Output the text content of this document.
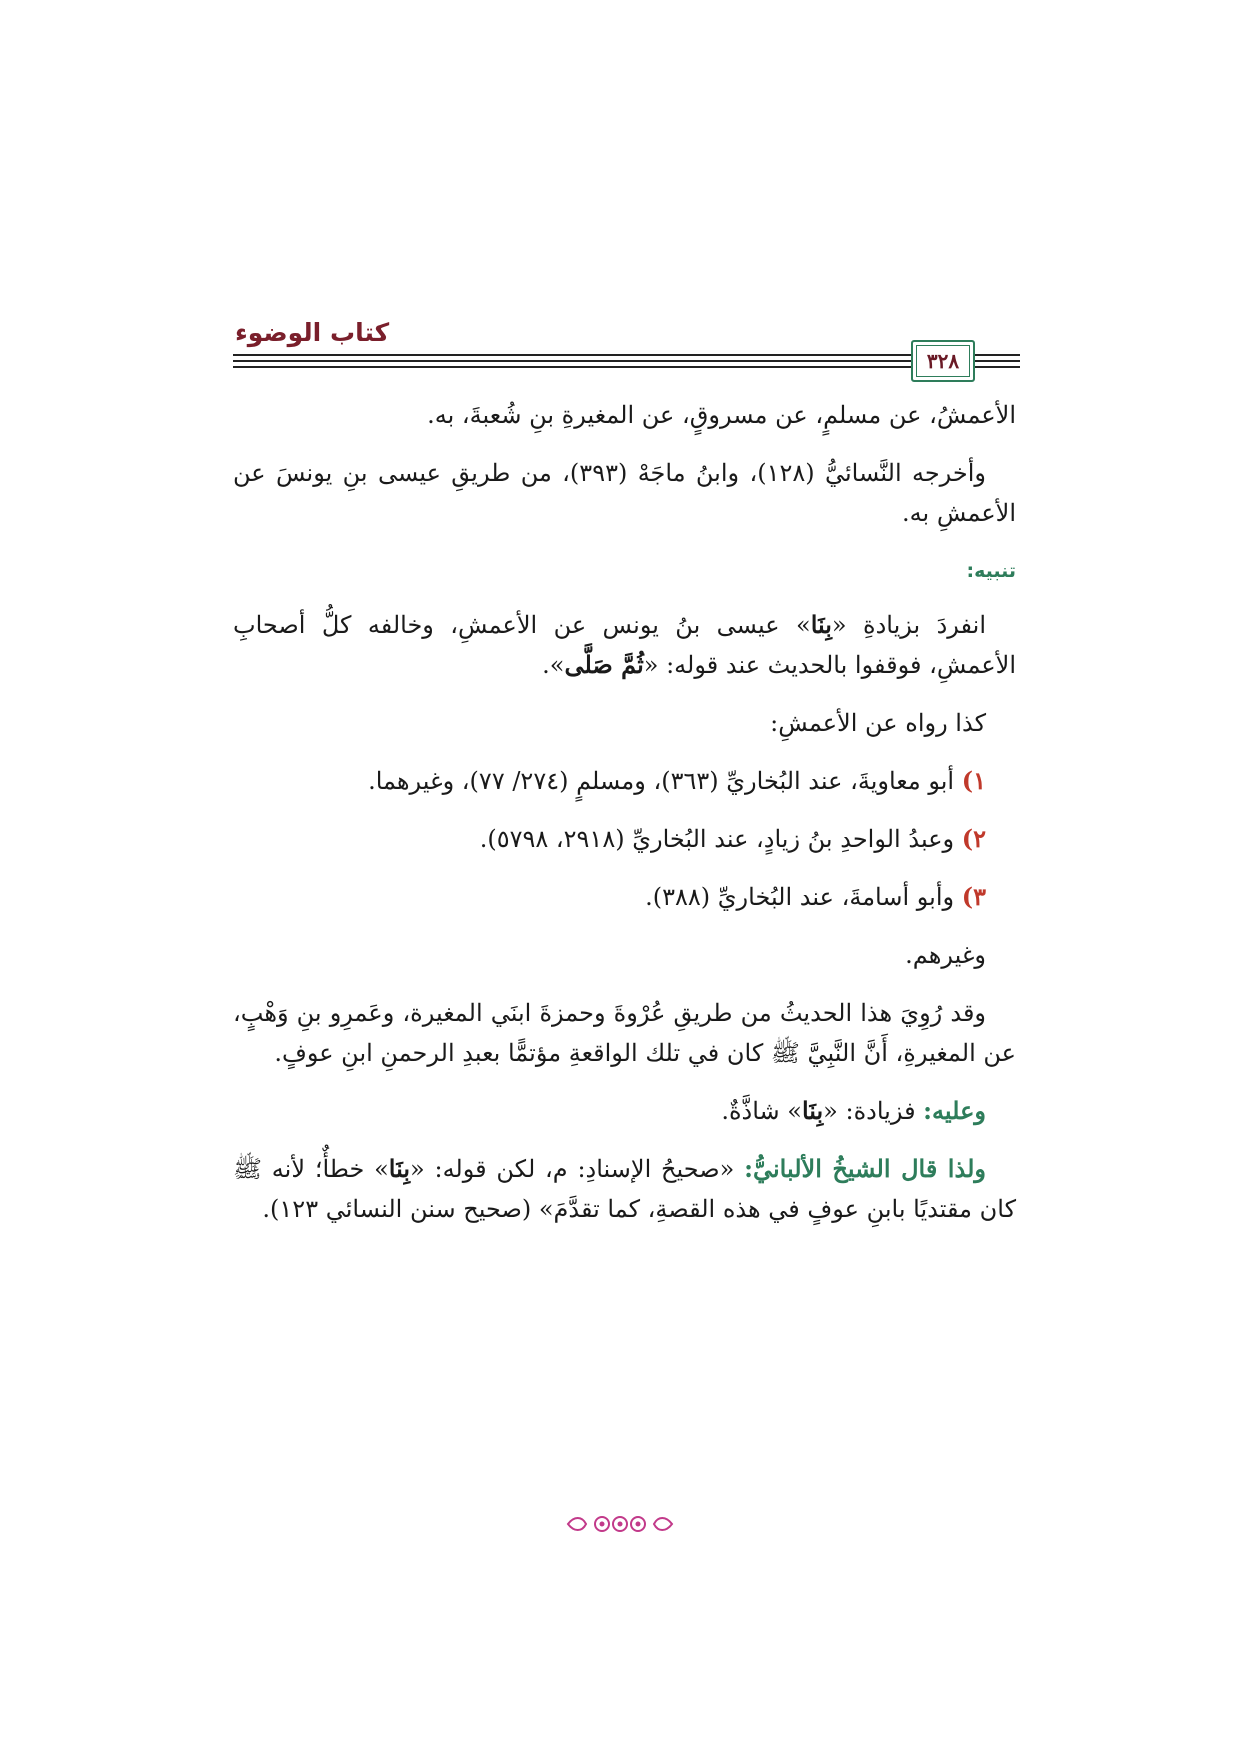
كتاب الوضوء
٣٢٨

الأعمشُ، عن مسلمٍ، عن مسروقٍ، عن المغيرةِ بنِ شُعبةَ، به.

وأخرجه النَّسائيُّ (١٢٨)، وابنُ ماجَهْ (٣٩٣)، من طريقِ عيسى بنِ يونسَ عن الأعمشِ به.

تنبيه:

انفردَ بزيادةِ «بِنَا» عيسى بنُ يونس عن الأعمشِ، وخالفه كلُّ أصحابِ الأعمشِ، فوقفوا بالحديث عند قوله: «ثُمَّ صَلَّى».

كذا رواه عن الأعمشِ:

١) أبو معاويةَ، عند البُخاريِّ (٣٦٣)، ومسلمٍ (٢٧٤/ ٧٧)، وغيرهما.

٢) وعبدُ الواحدِ بنُ زيادٍ، عند البُخاريِّ (٢٩١٨، ٥٧٩٨).

٣) وأبو أسامةَ، عند البُخاريِّ (٣٨٨).

وغيرهم.

وقد رُوِيَ هذا الحديثُ من طريقِ عُرْوةَ وحمزةَ ابنَي المغيرة، وعَمرِو بنِ وَهْبٍ، عن المغيرةِ، أَنَّ النَّبِيَّ ﷺ كان في تلك الواقعةِ مؤتمًّا بعبدِ الرحمنِ ابنِ عوفٍ.

وعليه: فزيادة: «بِنَا» شاذَّةٌ.

ولذا قال الشيخُ الألبانيُّ: «صحيحُ الإسنادِ: م، لكن قوله: «بِنَا» خطأٌ؛ لأنه ﷺ كان مقتديًا بابنِ عوفٍ في هذه القصةِ، كما تقدَّمَ» (صحيح سنن النسائي ١٢٣).
